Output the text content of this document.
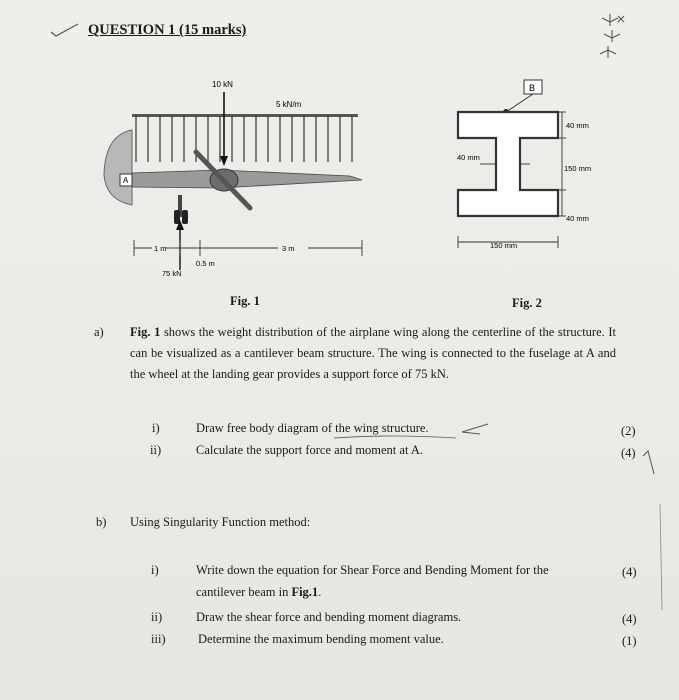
QUESTION 1 (15 marks)
10 kN
5 kN/m
A
1 m
0.5 m
3 m
75 kN
B
40 mm
40 mm
150 mm
40 mm
150 mm
Fig. 1	Fig. 2
a) Fig. 1 shows the weight distribution of the airplane wing along the centerline of the structure. It can be visualized as a cantilever beam structure. The wing is connected to the fuselage at A and the wheel at the landing gear provides a support force of 75 kN.
i)	Draw free body diagram of the wing structure.	(2)
ii)	Calculate the support force and moment at A.	(4)
b) Using Singularity Function method:
i)	Write down the equation for Shear Force and Bending Moment for the	(4)
cantilever beam in Fig.1.
ii)	Draw the shear force and bending moment diagrams.	(4)
iii)	Determine the maximum bending moment value.	(1)
